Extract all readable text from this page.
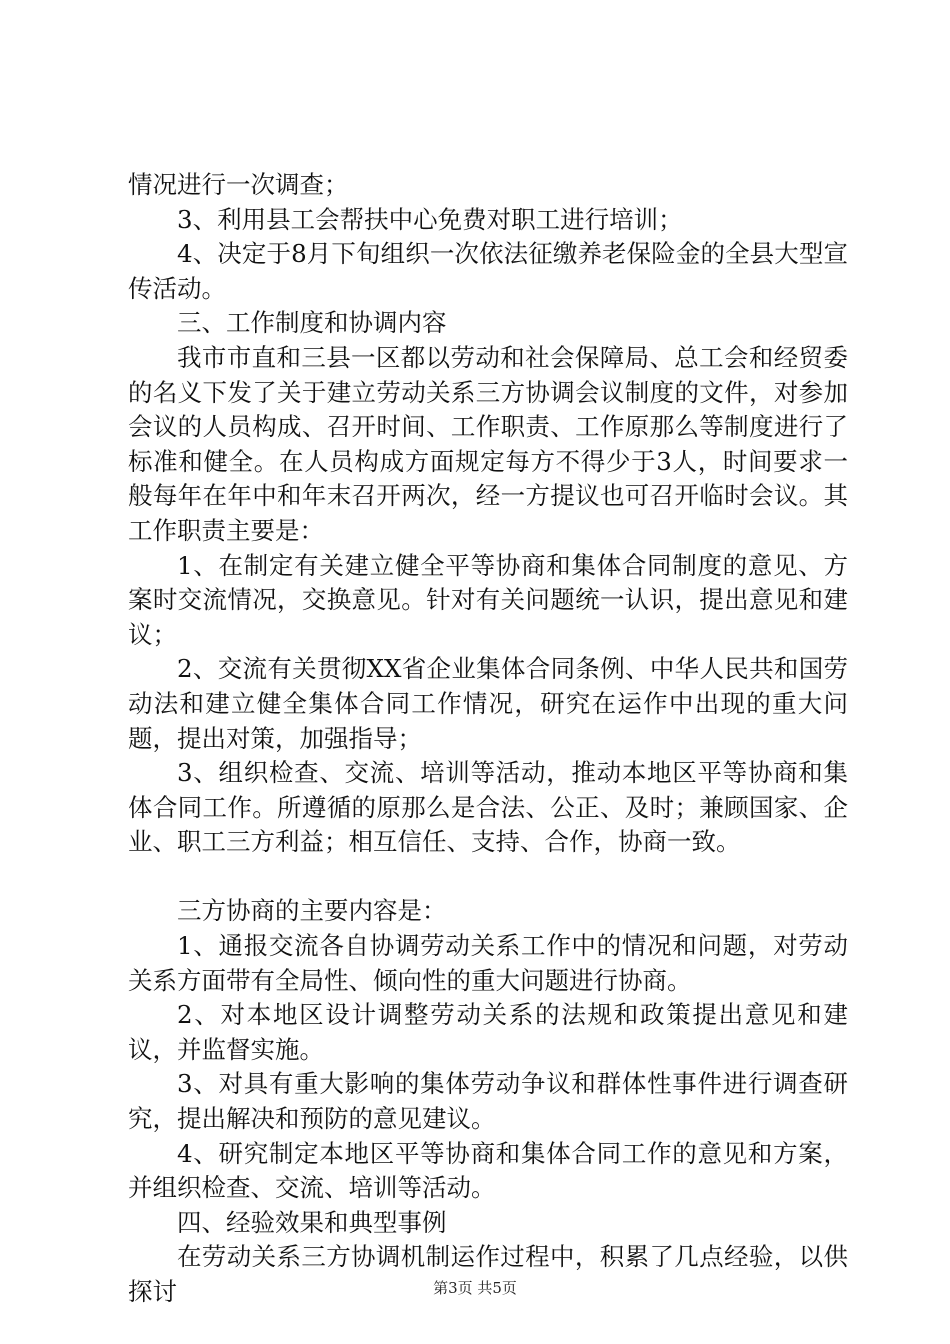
情况进行一次调查；

3、利用县工会帮扶中心免费对职工进行培训；

4、决定于8月下旬组织一次依法征缴养老保险金的全县大型宣传活动。

三、工作制度和协调内容

我市市直和三县一区都以劳动和社会保障局、总工会和经贸委的名义下发了关于建立劳动关系三方协调会议制度的文件，对参加会议的人员构成、召开时间、工作职责、工作原那么等制度进行了标准和健全。在人员构成方面规定每方不得少于3人，时间要求一般每年在年中和年末召开两次，经一方提议也可召开临时会议。其工作职责主要是：

1、在制定有关建立健全平等协商和集体合同制度的意见、方案时交流情况，交换意见。针对有关问题统一认识，提出意见和建议；

2、交流有关贯彻XX省企业集体合同条例、中华人民共和国劳动法和建立健全集体合同工作情况，研究在运作中出现的重大问题，提出对策，加强指导；

3、组织检查、交流、培训等活动，推动本地区平等协商和集体合同工作。所遵循的原那么是合法、公正、及时；兼顾国家、企业、职工三方利益；相互信任、支持、合作，协商一致。

三方协商的主要内容是：

1、通报交流各自协调劳动关系工作中的情况和问题，对劳动关系方面带有全局性、倾向性的重大问题进行协商。

2、对本地区设计调整劳动关系的法规和政策提出意见和建议，并监督实施。

3、对具有重大影响的集体劳动争议和群体性事件进行调查研究，提出解决和预防的意见建议。

4、研究制定本地区平等协商和集体合同工作的意见和方案，并组织检查、交流、培训等活动。

四、经验效果和典型事例

在劳动关系三方协调机制运作过程中，积累了几点经验，以供探讨	第3页 共5页
